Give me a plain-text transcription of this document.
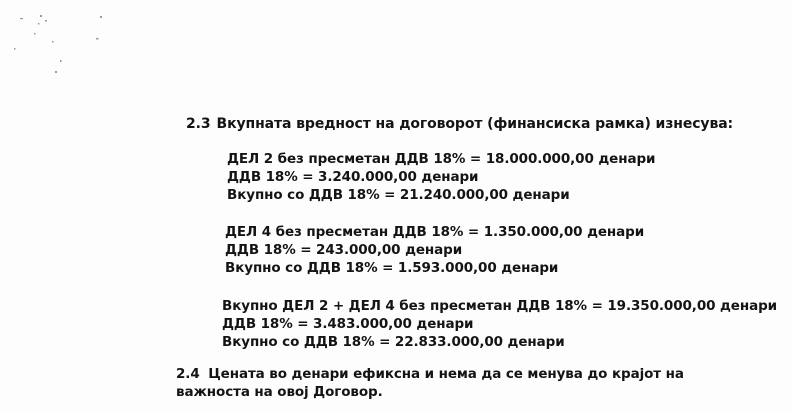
2.3 Вкупната вредност на договорот (финансиска рамка) изнесува:
ДЕЛ 2 без пресметан ДДВ 18% = 18.000.000,00 денари
ДДВ 18% = 3.240.000,00 денари
Вкупно со ДДВ 18% = 21.240.000,00 денари
ДЕЛ 4 без пресметан ДДВ 18% = 1.350.000,00 денари
ДДВ 18% = 243.000,00 денари
Вкупно со ДДВ 18% = 1.593.000,00 денари
Вкупно ДЕЛ 2 + ДЕЛ 4 без пресметан ДДВ 18% = 19.350.000,00 денари
ДДВ 18% = 3.483.000,00 денари
Вкупно со ДДВ 18% = 22.833.000,00 денари
2.4 Цената во денари ефиксна и нема да се менува до крајот на важноста на овој Договор.
